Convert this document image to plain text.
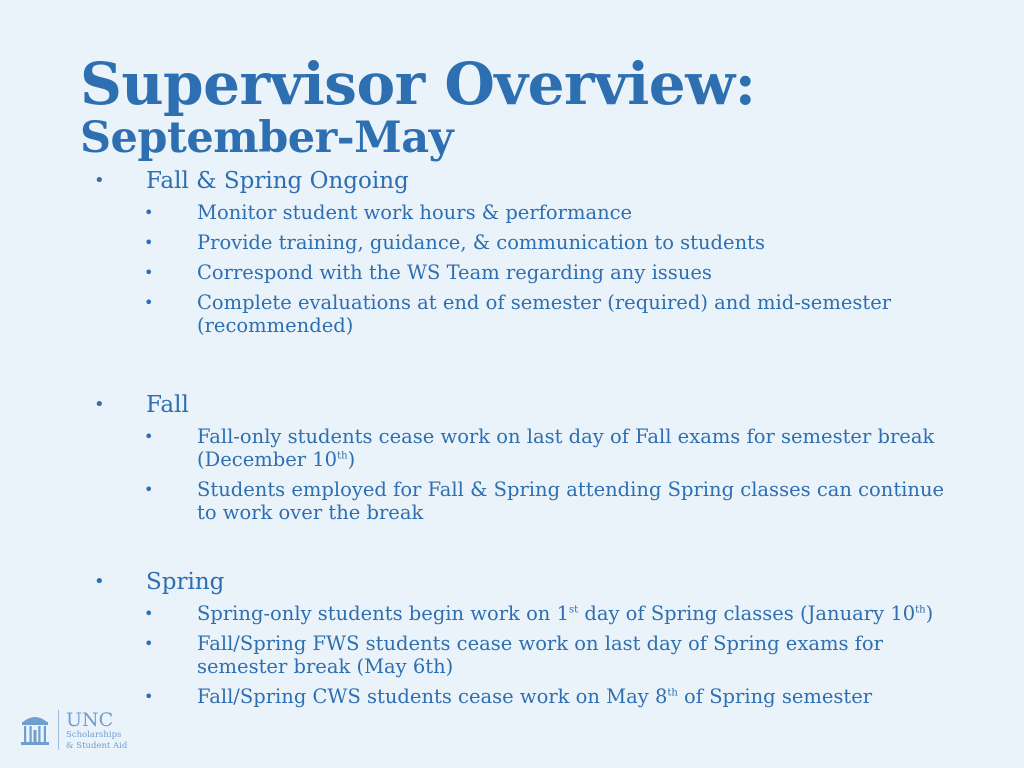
Supervisor Overview:
September-May
• Fall & Spring Ongoing
• Monitor student work hours & performance
• Provide training, guidance, & communication to students
• Correspond with the WS Team regarding any issues
• Complete evaluations at end of semester (required) and mid-semester (recommended)
• Fall
• Fall-only students cease work on last day of Fall exams for semester break (December 10th)
• Students employed for Fall & Spring attending Spring classes can continue to work over the break
• Spring
• Spring-only students begin work on 1st day of Spring classes (January 10th)
• Fall/Spring FWS students cease work on last day of Spring exams for semester break (May 6th)
• Fall/Spring CWS students cease work on May 8th of Spring semester
UNC
Scholarships
& Student Aid
